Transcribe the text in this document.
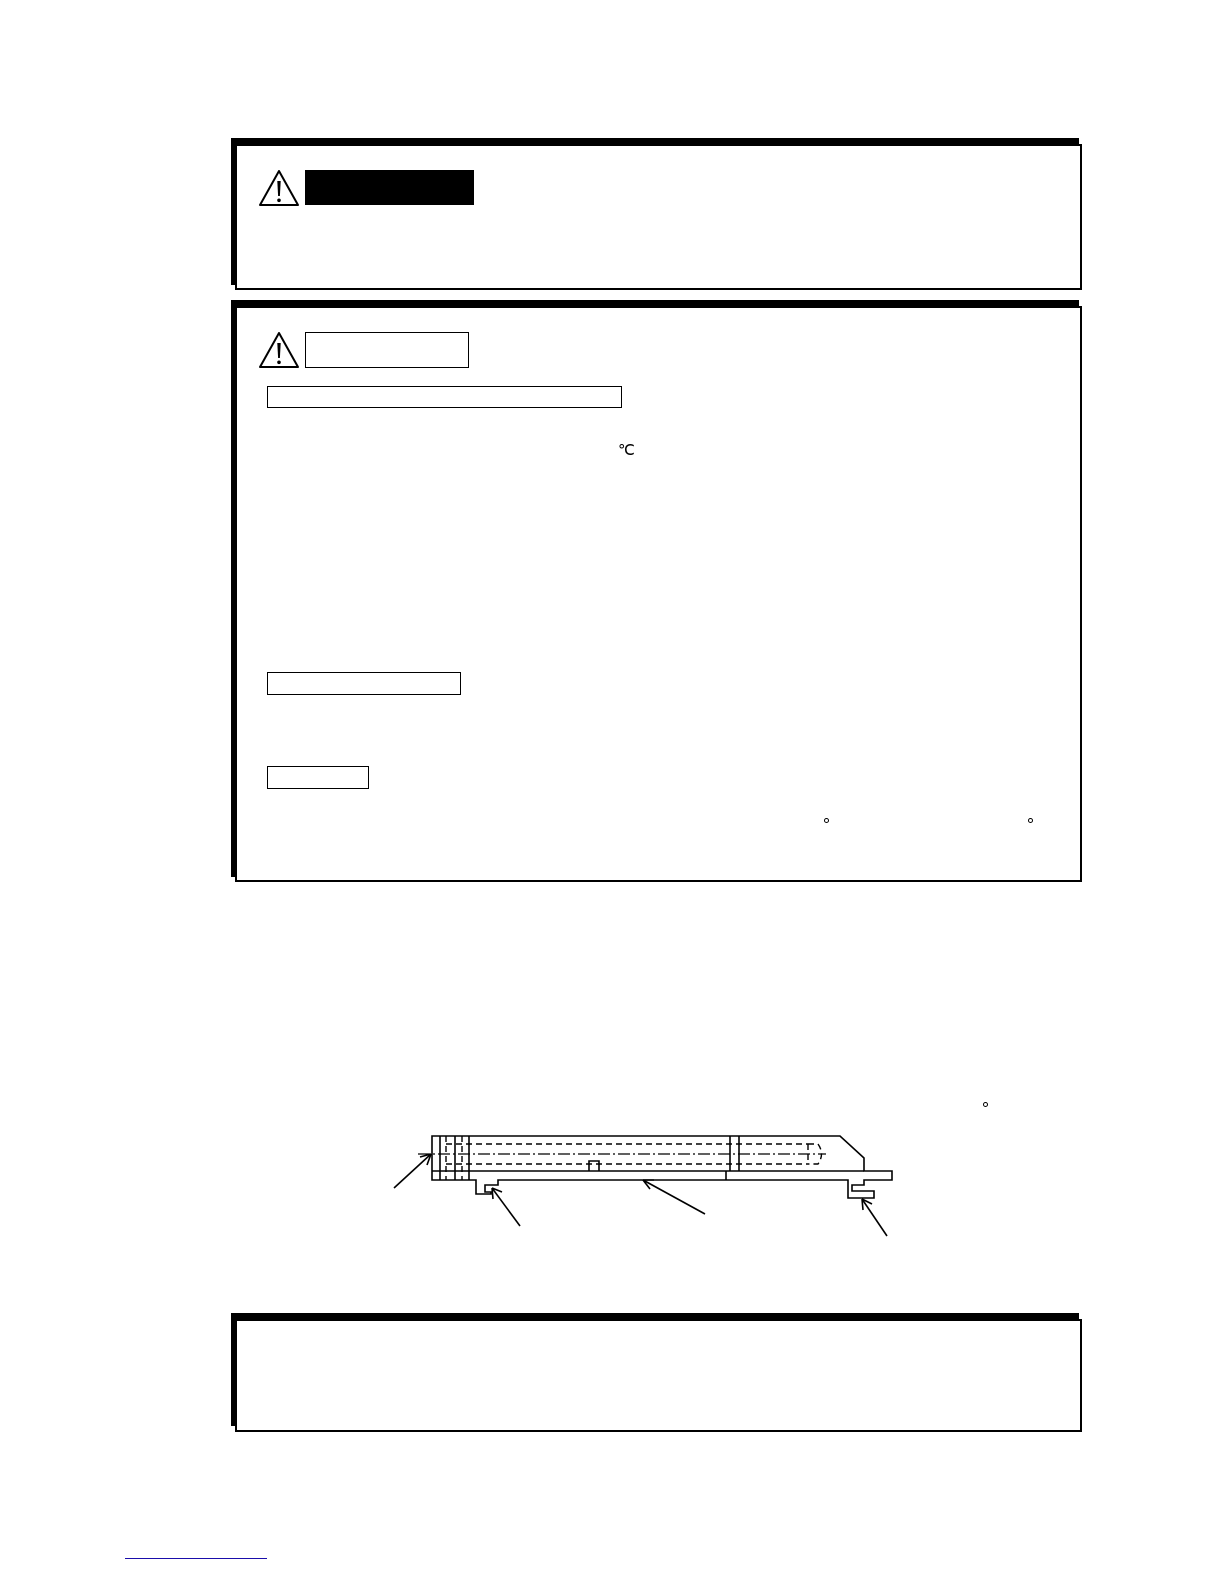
℃
